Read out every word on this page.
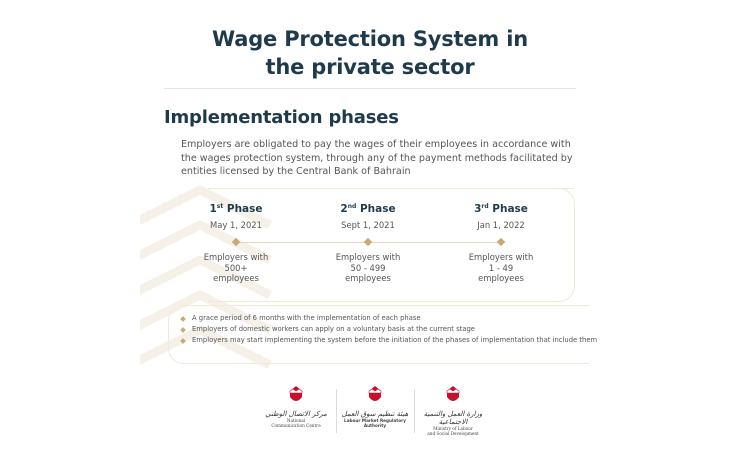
Wage Protection System in
the private sector
Implementation phases
Employers are obligated to pay the wages of their employees in accordance with the wages protection system, through any of the payment methods facilitated by entities licensed by the Central Bank of Bahrain
1st Phase
May 1, 2021
Employers with
500+
employees
2nd Phase
Sept 1, 2021
Employers with
50 - 499
employees
3rd Phase
Jan 1, 2022
Employers with
1 - 49
employees
A grace period of 6 months with the implementation of each phase
Employers of domestic workers can apply on a voluntary basis at the current stage
Employers may start implementing the system before the initiation of the phases of implementation that include them
مركز الاتصال الوطني
National
Communication Centre
هيئة تنظيم سوق العمل
Labour Market Regulatory Authority
وزارة العمل والتنمية الاجتماعية
Ministry of Labour
and Social Development
